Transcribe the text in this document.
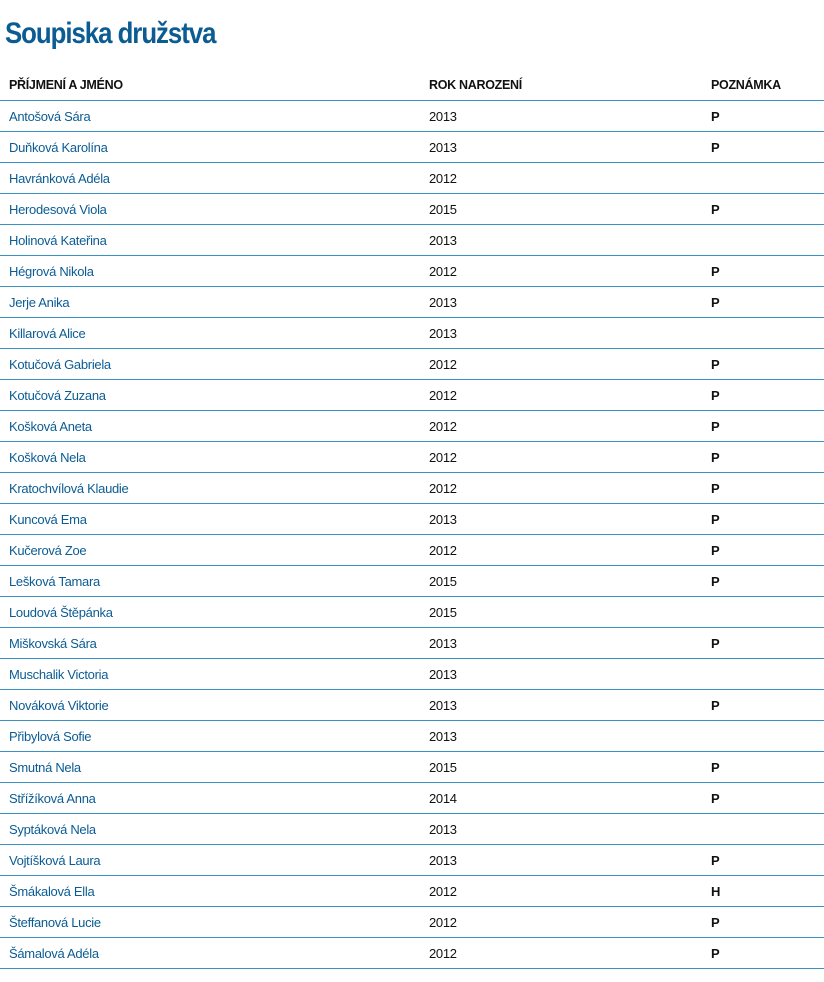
Soupiska družstva
PŘÍJMENÍ A JMÉNO	ROK NAROZENÍ	POZNÁMKA
Antošová Sára	2013	P
Duňková Karolína	2013	P
Havránková Adéla	2012	
Herodesová Viola	2015	P
Holinová Kateřina	2013	
Hégrová Nikola	2012	P
Jerje Anika	2013	P
Killarová Alice	2013	
Kotučová Gabriela	2012	P
Kotučová Zuzana	2012	P
Košková Aneta	2012	P
Košková Nela	2012	P
Kratochvílová Klaudie	2012	P
Kuncová Ema	2013	P
Kučerová Zoe	2012	P
Lešková Tamara	2015	P
Loudová Štěpánka	2015	
Miškovská Sára	2013	P
Muschalik Victoria	2013	
Nováková Viktorie	2013	P
Přibylová Sofie	2013	
Smutná Nela	2015	P
Střížíková Anna	2014	P
Syptáková Nela	2013	
Vojtíšková Laura	2013	P
Šmákalová Ella	2012	H
Šteffanová Lucie	2012	P
Šámalová Adéla	2012	P
